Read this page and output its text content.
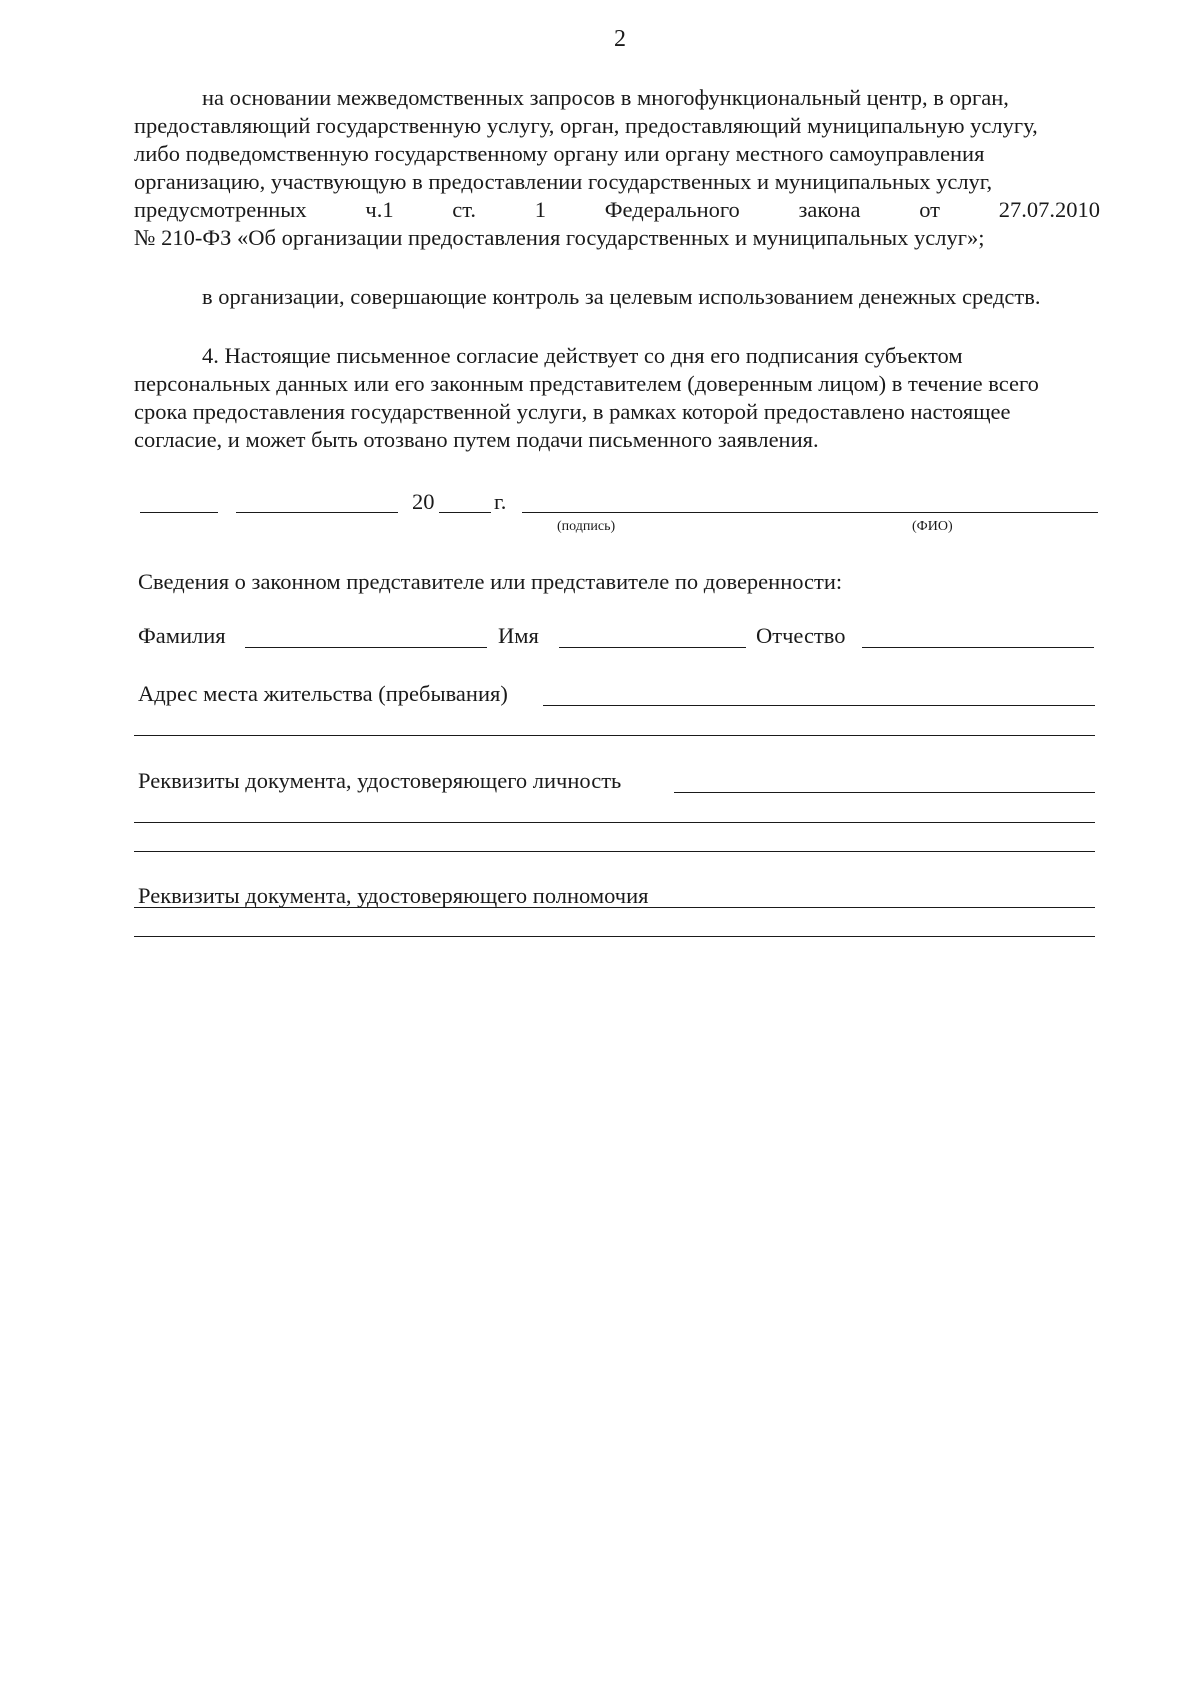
2
на основании межведомственных запросов в многофункциональный центр, в орган,
предоставляющий государственную услугу, орган, предоставляющий муниципальную услугу,
либо подведомственную государственному органу или органу местного самоуправления
организацию, участвующую в предоставлении государственных и муниципальных услуг,
предусмотренных	ч.1	ст.	1	Федерального	закона	от	27.07.2010
№ 210-ФЗ «Об организации предоставления государственных и муниципальных услуг»;
в организации, совершающие контроль за целевым использованием денежных средств.
4. Настоящие письменное согласие действует со дня его подписания субъектом
персональных данных или его законным представителем (доверенным лицом) в течение всего
срока предоставления государственной услуги, в рамках которой предоставлено настоящее
согласие, и может быть отозвано путем подачи письменного заявления.
20	г.
(подпись)	(ФИО)
Сведения о законном представителе или представителе по доверенности:
Фамилия	Имя	Отчество
Адрес места жительства (пребывания)
Реквизиты документа, удостоверяющего личность
Реквизиты документа, удостоверяющего полномочия
